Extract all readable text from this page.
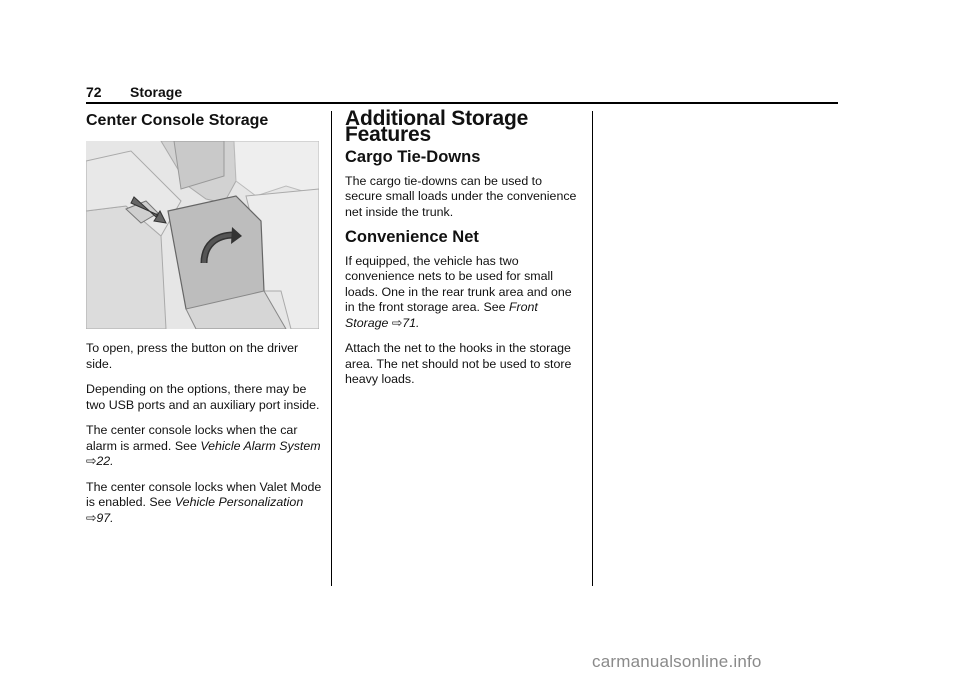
72 Storage
Center Console Storage

To open, press the button on the driver side.

Depending on the options, there may be two USB ports and an auxiliary port inside.

The center console locks when the car alarm is armed. See Vehicle Alarm System ⇨22.

The center console locks when Valet Mode is enabled. See Vehicle Personalization ⇨97.

Additional Storage Features
Cargo Tie-Downs

The cargo tie-downs can be used to secure small loads under the convenience net inside the trunk.

Convenience Net

If equipped, the vehicle has two convenience nets to be used for small loads. One in the rear trunk area and one in the front storage area. See Front Storage ⇨71.

Attach the net to the hooks in the storage area. The net should not be used to store heavy loads.

carmanualsonline.info
